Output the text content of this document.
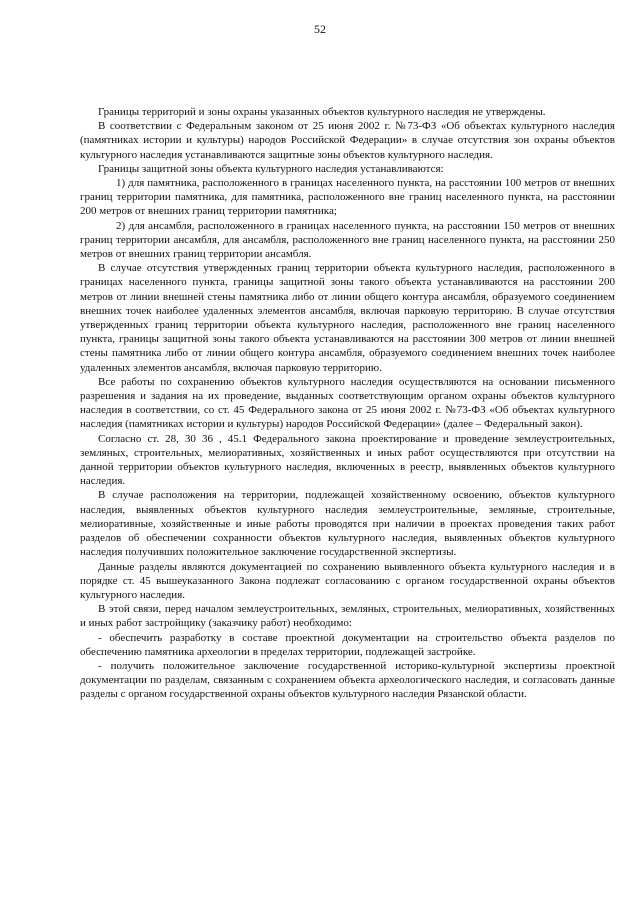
52

Границы территорий и зоны охраны указанных объектов культурного наследия не утверждены.

В соответствии с Федеральным законом от 25 июня 2002 г. №73-ФЗ «Об объектах культурного наследия (памятниках истории и культуры) народов Российской Федерации» в случае отсутствия зон охраны объектов культурного наследия устанавливаются защитные зоны объектов культурного наследия.

Границы защитной зоны объекта культурного наследия устанавливаются:

1) для памятника, расположенного в границах населенного пункта, на расстоянии 100 метров от внешних границ территории памятника, для памятника, расположенного вне границ населенного пункта, на расстоянии 200 метров от внешних границ территории памятника;

2) для ансамбля, расположенного в границах населенного пункта, на расстоянии 150 метров от внешних границ территории ансамбля, для ансамбля, расположенного вне границ населенного пункта, на расстоянии 250 метров от внешних границ территории ансамбля.

В случае отсутствия утвержденных границ территории объекта культурного наследия, расположенного в границах населенного пункта, границы защитной зоны такого объекта устанавливаются на расстоянии 200 метров от линии внешней стены памятника либо от линии общего контура ансамбля, образуемого соединением внешних точек наиболее удаленных элементов ансамбля, включая парковую территорию. В случае отсутствия утвержденных границ территории объекта культурного наследия, расположенного вне границ населенного пункта, границы защитной зоны такого объекта устанавливаются на расстоянии 300 метров от линии внешней стены памятника либо от линии общего контура ансамбля, образуемого соединением внешних точек наиболее удаленных элементов ансамбля, включая парковую территорию.

Все работы по сохранению объектов культурного наследия осуществляются на основании письменного разрешения и задания на их проведение, выданных соответствующим органом охраны объектов культурного наследия в соответствии, со ст. 45 Федерального закона от 25 июня 2002 г. №73-ФЗ «Об объектах культурного наследия (памятниках истории и культуры) народов Российской Федерации» (далее – Федеральный закон).

Согласно ст. 28, 30 36 , 45.1 Федерального закона проектирование и проведение землеустроительных, земляных, строительных, мелиоративных, хозяйственных и иных работ осуществляются при отсутствии на данной территории объектов культурного наследия, включенных в реестр, выявленных объектов культурного наследия.

В случае расположения на территории, подлежащей хозяйственному освоению, объектов культурного наследия, выявленных объектов культурного наследия землеустроительные, земляные, строительные, мелиоративные, хозяйственные и иные работы проводятся при наличии в проектах проведения таких работ разделов об обеспечении сохранности объектов культурного наследия, выявленных объектов культурного наследия получивших положительное заключение государственной экспертизы.

Данные разделы являются документацией по сохранению выявленного объекта культурного наследия и в порядке ст. 45 вышеуказанного Закона подлежат согласованию с органом государственной охраны объектов культурного наследия.

В этой связи, перед началом землеустроительных, земляных, строительных, мелиоративных, хозяйственных и иных работ застройщику (заказчику работ) необходимо:

- обеспечить разработку в составе проектной документации на строительство объекта разделов по обеспечению памятника археологии в пределах территории, подлежащей застройке.

- получить положительное заключение государственной историко-культурной экспертизы проектной документации по разделам, связанным с сохранением объекта археологического наследия, и согласовать данные разделы с органом государственной охраны объектов культурного наследия Рязанской области.
